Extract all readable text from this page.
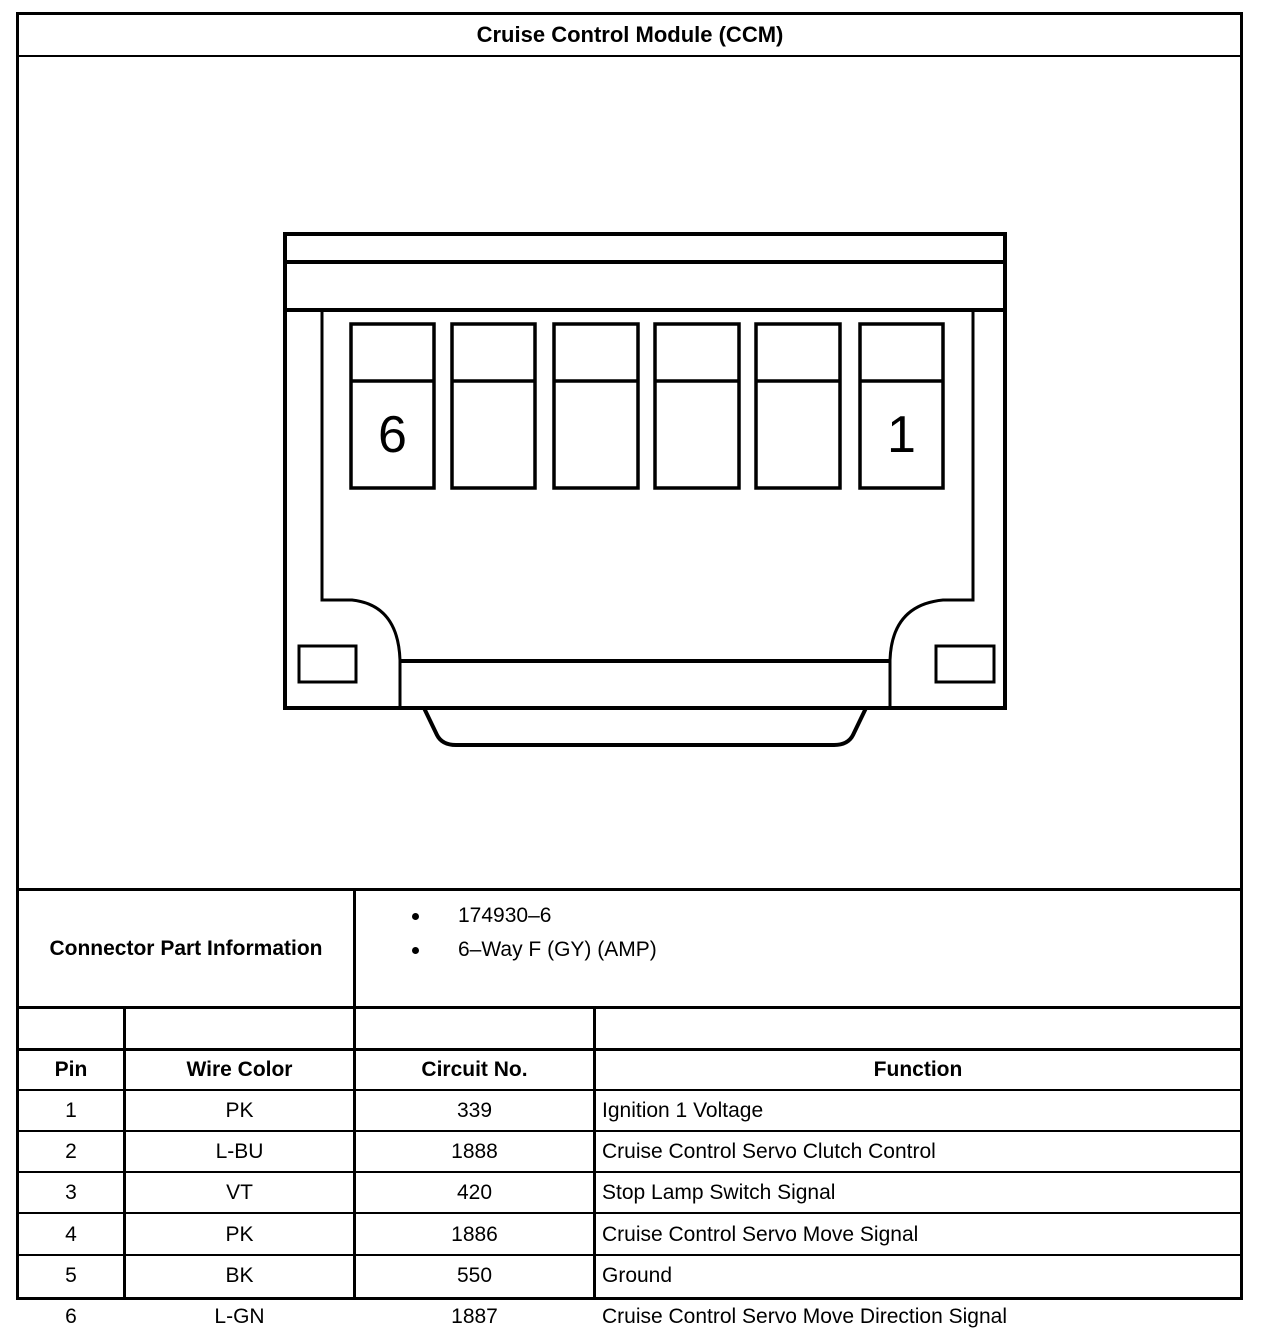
Cruise Control Module (CCM)
6	1
Connector Part Information
174930–6
6–Way F (GY) (AMP)
Pin	Wire Color	Circuit No.	Function
1	PK	339	Ignition 1 Voltage
2	L-BU	1888	Cruise Control Servo Clutch Control
3	VT	420	Stop Lamp Switch Signal
4	PK	1886	Cruise Control Servo Move Signal
5	BK	550	Ground
6	L-GN	1887	Cruise Control Servo Move Direction Signal
